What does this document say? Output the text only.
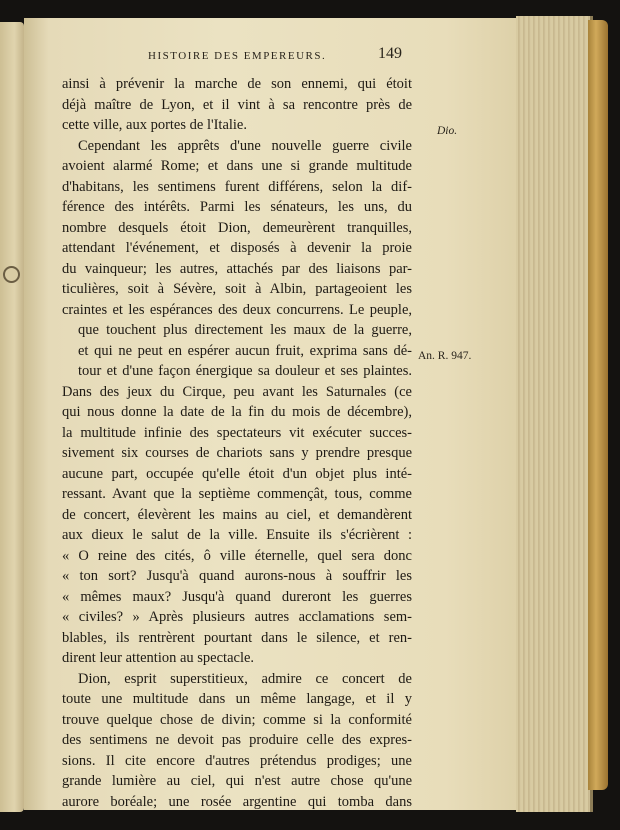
HISTOIRE DES EMPEREURS.	149
ainsi à prévenir la marche de son ennemi, qui étoit
déjà maître de Lyon, et il vint à sa rencontre près de
cette ville, aux portes de l'Italie.
Cependant les apprêts d'une nouvelle guerre civile
avoient alarmé Rome; et dans une si grande multitude
d'habitans, les sentimens furent différens, selon la dif-
férence des intérêts. Parmi les sénateurs, les uns, du
nombre desquels étoit Dion, demeurèrent tranquilles,
attendant l'événement, et disposés à devenir la proie
du vainqueur; les autres, attachés par des liaisons par-
ticulières, soit à Sévère, soit à Albin, partageoient les
craintes et les espérances des deux concurrens. Le peuple,
que touchent plus directement les maux de la guerre,
et qui ne peut en espérer aucun fruit, exprima sans dé-
tour et d'une façon énergique sa douleur et ses plaintes.
Dans des jeux du Cirque, peu avant les Saturnales (ce
qui nous donne la date de la fin du mois de décembre),
la multitude infinie des spectateurs vit exécuter succes-
sivement six courses de chariots sans y prendre presque
aucune part, occupée qu'elle étoit d'un objet plus inté-
ressant. Avant que la septième commençât, tous, comme
de concert, élevèrent les mains au ciel, et demandèrent
aux dieux le salut de la ville. Ensuite ils s'écrièrent :
« O reine des cités, ô ville éternelle, quel sera donc
« ton sort? Jusqu'à quand aurons-nous à souffrir les
« mêmes maux? Jusqu'à quand dureront les guerres
« civiles? » Après plusieurs autres acclamations sem-
blables, ils rentrèrent pourtant dans le silence, et ren-
dirent leur attention au spectacle.
Dion, esprit superstitieux, admire ce concert de
toute une multitude dans un même langage, et il y
trouve quelque chose de divin; comme si la conformité
des sentimens ne devoit pas produire celle des expres-
sions. Il cite encore d'autres prétendus prodiges; une
grande lumière au ciel, qui n'est autre chose qu'une
aurore boréale; une rosée argentine qui tomba dans
Dio.
An. R. 947.
